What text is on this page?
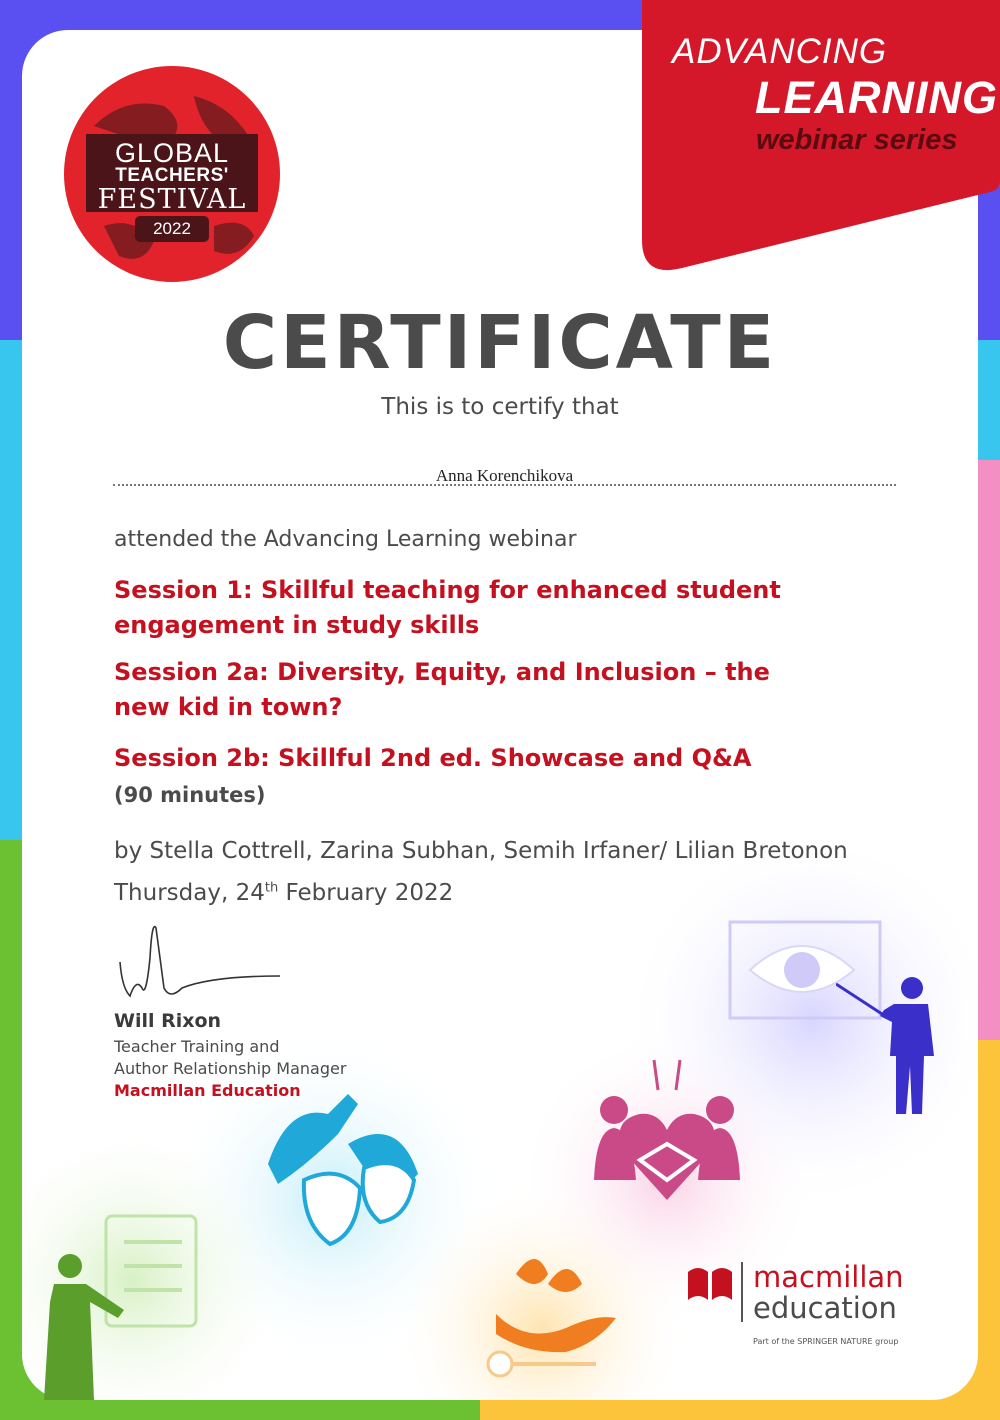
GLOBAL
TEACHERS'
FESTIVAL
2022
ADVANCING
LEARNING
webinar series
CERTIFICATE
This is to certify that
Anna Korenchikova
attended the Advancing Learning webinar
Session 1: Skillful teaching for enhanced student engagement in study skills
Session 2a: Diversity, Equity, and Inclusion – the new kid in town?
Session 2b: Skillful 2nd ed. Showcase and Q&A
(90 minutes)
by Stella Cottrell, Zarina Subhan, Semih Irfaner/ Lilian Bretonon
Thursday, 24th February 2022
Will Rixon
Teacher Training and
Author Relationship Manager
Macmillan Education
macmillan
education
Part of the SPRINGER NATURE group
